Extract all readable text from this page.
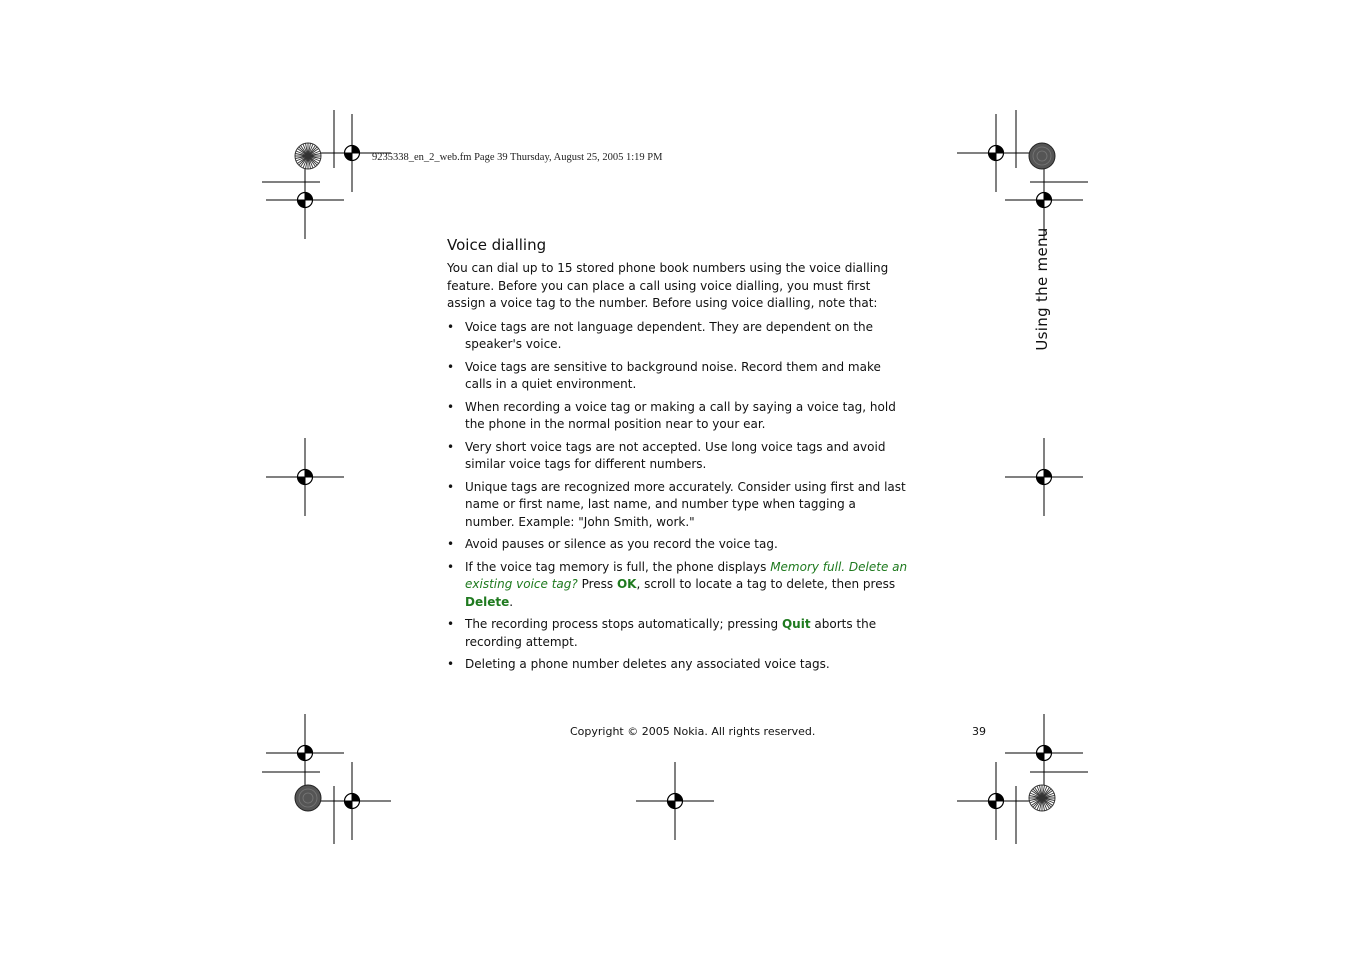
9235338_en_2_web.fm Page 39 Thursday, August 25, 2005 1:19 PM
Using the menu
Voice dialling

You can dial up to 15 stored phone book numbers using the voice dialling feature. Before you can place a call using voice dialling, you must first assign a voice tag to the number. Before using voice dialling, note that:

• Voice tags are not language dependent. They are dependent on the speaker's voice.
• Voice tags are sensitive to background noise. Record them and make calls in a quiet environment.
• When recording a voice tag or making a call by saying a voice tag, hold the phone in the normal position near to your ear.
• Very short voice tags are not accepted. Use long voice tags and avoid similar voice tags for different numbers.
• Unique tags are recognized more accurately. Consider using first and last name or first name, last name, and number type when tagging a number. Example: "John Smith, work."
• Avoid pauses or silence as you record the voice tag.
• If the voice tag memory is full, the phone displays Memory full. Delete an existing voice tag? Press OK, scroll to locate a tag to delete, then press Delete.
• The recording process stops automatically; pressing Quit aborts the recording attempt.
• Deleting a phone number deletes any associated voice tags.
Copyright © 2005 Nokia. All rights reserved.	39
